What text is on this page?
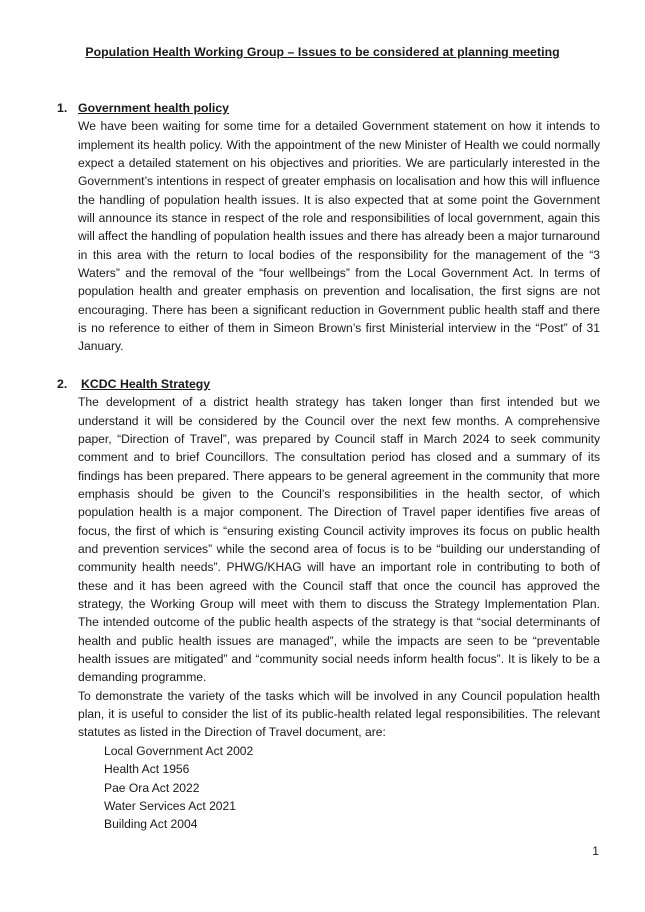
Population Health Working Group – Issues to be considered at planning meeting
1. Government health policy

We have been waiting for some time for a detailed Government statement on how it intends to implement its health policy. With the appointment of the new Minister of Health we could normally expect a detailed statement on his objectives and priorities. We are particularly interested in the Government’s intentions in respect of greater emphasis on localisation and how this will influence the handling of population health issues. It is also expected that at some point the Government will announce its stance in respect of the role and responsibilities of local government, again this will affect the handling of population health issues and there has already been a major turnaround in this area with the return to local bodies of the responsibility for the management of the “3 Waters” and the removal of the “four wellbeings” from the Local Government Act. In terms of population health and greater emphasis on prevention and localisation, the first signs are not encouraging. There has been a significant reduction in Government public health staff and there is no reference to either of them in Simeon Brown’s first Ministerial interview in the “Post” of 31 January.

2. KCDC Health Strategy

The development of a district health strategy has taken longer than first intended but we understand it will be considered by the Council over the next few months. A comprehensive paper, “Direction of Travel”, was prepared by Council staff in March 2024 to seek community comment and to brief Councillors. The consultation period has closed and a summary of its findings has been prepared. There appears to be general agreement in the community that more emphasis should be given to the Council’s responsibilities in the health sector, of which population health is a major component. The Direction of Travel paper identifies five areas of focus, the first of which is “ensuring existing Council activity improves its focus on public health and prevention services” while the second area of focus is to be “building our understanding of community health needs”. PHWG/KHAG will have an important role in contributing to both of these and it has been agreed with the Council staff that once the council has approved the strategy, the Working Group will meet with them to discuss the Strategy Implementation Plan. The intended outcome of the public health aspects of the strategy is that “social determinants of health and public health issues are managed”, while the impacts are seen to be “preventable health issues are mitigated” and “community social needs inform health focus”. It is likely to be a demanding programme.

To demonstrate the variety of the tasks which will be involved in any Council population health plan, it is useful to consider the list of its public-health related legal responsibilities. The relevant statutes as listed in the Direction of Travel document, are:

Local Government Act 2002
Health Act 1956
Pae Ora Act 2022
Water Services Act 2021
Building Act 2004
1
